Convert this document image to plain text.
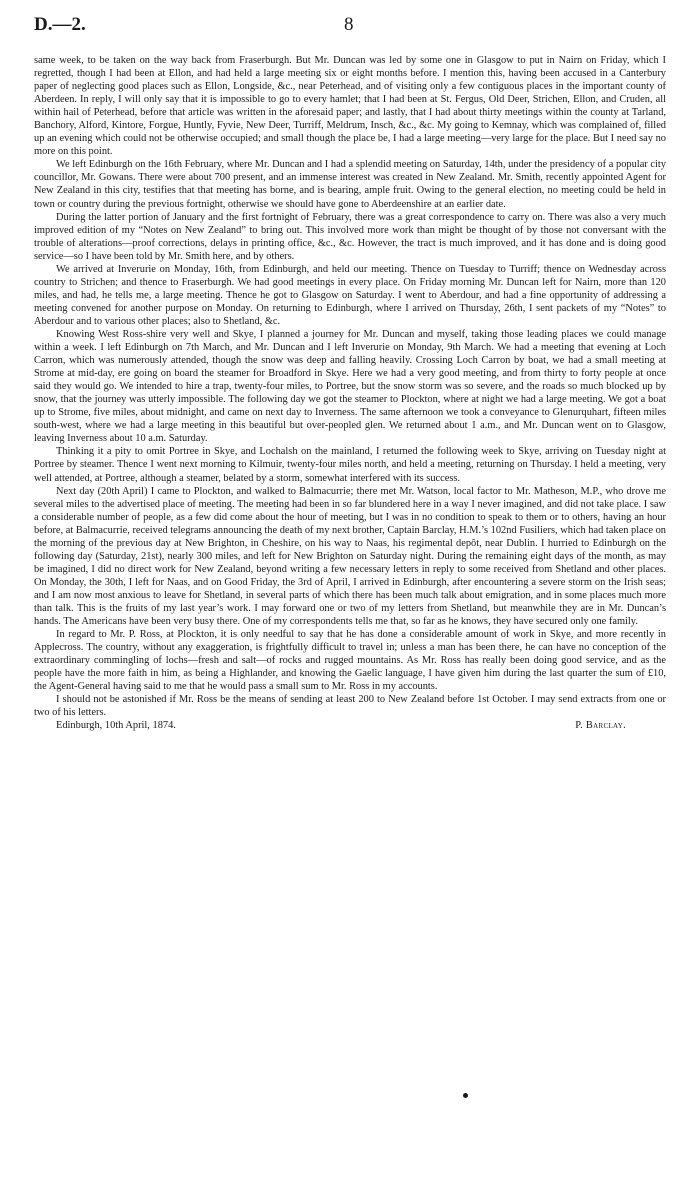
D.—2.	8

same week, to be taken on the way back from Fraserburgh. But Mr. Duncan was led by some one in Glasgow to put in Nairn on Friday, which I regretted, though I had been at Ellon, and had held a large meeting six or eight months before. I mention this, having been accused in a Canterbury paper of neglecting good places such as Ellon, Longside, &c., near Peterhead, and of visiting only a few contiguous places in the important county of Aberdeen. In reply, I will only say that it is impossible to go to every hamlet; that I had been at St. Fergus, Old Deer, Strichen, Ellon, and Cruden, all within hail of Peterhead, before that article was written in the aforesaid paper; and lastly, that I had about thirty meetings within the county at Tarland, Banchory, Alford, Kintore, Forgue, Huntly, Fyvie, New Deer, Turriff, Meldrum, Insch, &c., &c. My going to Kemnay, which was complained of, filled up an evening which could not be otherwise occupied; and small though the place be, I had a large meeting—very large for the place. But I need say no more on this point.

We left Edinburgh on the 16th February, where Mr. Duncan and I had a splendid meeting on Saturday, 14th, under the presidency of a popular city councillor, Mr. Gowans. There were about 700 present, and an immense interest was created in New Zealand. Mr. Smith, recently appointed Agent for New Zealand in this city, testifies that that meeting has borne, and is bearing, ample fruit. Owing to the general election, no meeting could be held in town or country during the previous fortnight, otherwise we should have gone to Aberdeenshire at an earlier date.

During the latter portion of January and the first fortnight of February, there was a great correspondence to carry on. There was also a very much improved edition of my “Notes on New Zealand” to bring out. This involved more work than might be thought of by those not conversant with the trouble of alterations—proof corrections, delays in printing office, &c., &c. However, the tract is much improved, and it has done and is doing good service—so I have been told by Mr. Smith here, and by others.

We arrived at Inverurie on Monday, 16th, from Edinburgh, and held our meeting. Thence on Tuesday to Turriff; thence on Wednesday across country to Strichen; and thence to Fraserburgh. We had good meetings in every place. On Friday morning Mr. Duncan left for Nairn, more than 120 miles, and had, he tells me, a large meeting. Thence he got to Glasgow on Saturday. I went to Aberdour, and had a fine opportunity of addressing a meeting convened for another purpose on Monday. On returning to Edinburgh, where I arrived on Thursday, 26th, I sent packets of my “Notes” to Aberdour and to various other places; also to Shetland, &c.

Knowing West Ross-shire very well and Skye, I planned a journey for Mr. Duncan and myself, taking those leading places we could manage within a week. I left Edinburgh on 7th March, and Mr. Duncan and I left Inverurie on Monday, 9th March. We had a meeting that evening at Loch Carron, which was numerously attended, though the snow was deep and falling heavily. Crossing Loch Carron by boat, we had a small meeting at Strome at mid-day, ere going on board the steamer for Broadford in Skye. Here we had a very good meeting, and from thirty to forty people at once said they would go. We intended to hire a trap, twenty-four miles, to Portree, but the snow storm was so severe, and the roads so much blocked up by snow, that the journey was utterly impossible. The following day we got the steamer to Plockton, where at night we had a large meeting. We got a boat up to Strome, five miles, about midnight, and came on next day to Inverness. The same afternoon we took a conveyance to Glenurquhart, fifteen miles south-west, where we had a large meeting in this beautiful but over-peopled glen. We returned about 1 a.m., and Mr. Duncan went on to Glasgow, leaving Inverness about 10 a.m. Saturday.

Thinking it a pity to omit Portree in Skye, and Lochalsh on the mainland, I returned the following week to Skye, arriving on Tuesday night at Portree by steamer. Thence I went next morning to Kilmuir, twenty-four miles north, and held a meeting, returning on Thursday. I held a meeting, very well attended, at Portree, although a steamer, belated by a storm, somewhat interfered with its success.

Next day (20th April) I came to Plockton, and walked to Balmacurrie; there met Mr. Watson, local factor to Mr. Matheson, M.P., who drove me several miles to the advertised place of meeting. The meeting had been in so far blundered here in a way I never imagined, and did not take place. I saw a considerable number of people, as a few did come about the hour of meeting, but I was in no condition to speak to them or to others, having an hour before, at Balmacurrie, received telegrams announcing the death of my next brother, Captain Barclay, H.M.’s 102nd Fusiliers, which had taken place on the morning of the previous day at New Brighton, in Cheshire, on his way to Naas, his regimental depôt, near Dublin. I hurried to Edinburgh on the following day (Saturday, 21st), nearly 300 miles, and left for New Brighton on Saturday night. During the remaining eight days of the month, as may be imagined, I did no direct work for New Zealand, beyond writing a few necessary letters in reply to some received from Shetland and other places. On Monday, the 30th, I left for Naas, and on Good Friday, the 3rd of April, I arrived in Edinburgh, after encountering a severe storm on the Irish seas; and I am now most anxious to leave for Shetland, in several parts of which there has been much talk about emigration, and in some places much more than talk. This is the fruits of my last year’s work. I may forward one or two of my letters from Shetland, but meanwhile they are in Mr. Duncan’s hands. The Americans have been very busy there. One of my correspondents tells me that, so far as he knows, they have secured only one family.

In regard to Mr. P. Ross, at Plockton, it is only needful to say that he has done a considerable amount of work in Skye, and more recently in Applecross. The country, without any exaggeration, is frightfully difficult to travel in; unless a man has been there, he can have no conception of the extraordinary commingling of lochs—fresh and salt—of rocks and rugged mountains. As Mr. Ross has really been doing good service, and as the people have the more faith in him, as being a Highlander, and knowing the Gaelic language, I have given him during the last quarter the sum of £10, the Agent-General having said to me that he would pass a small sum to Mr. Ross in my accounts.

I should not be astonished if Mr. Ross be the means of sending at least 200 to New Zealand before 1st October. I may send extracts from one or two of his letters.

Edinburgh, 10th April, 1874.	P. Barclay.
